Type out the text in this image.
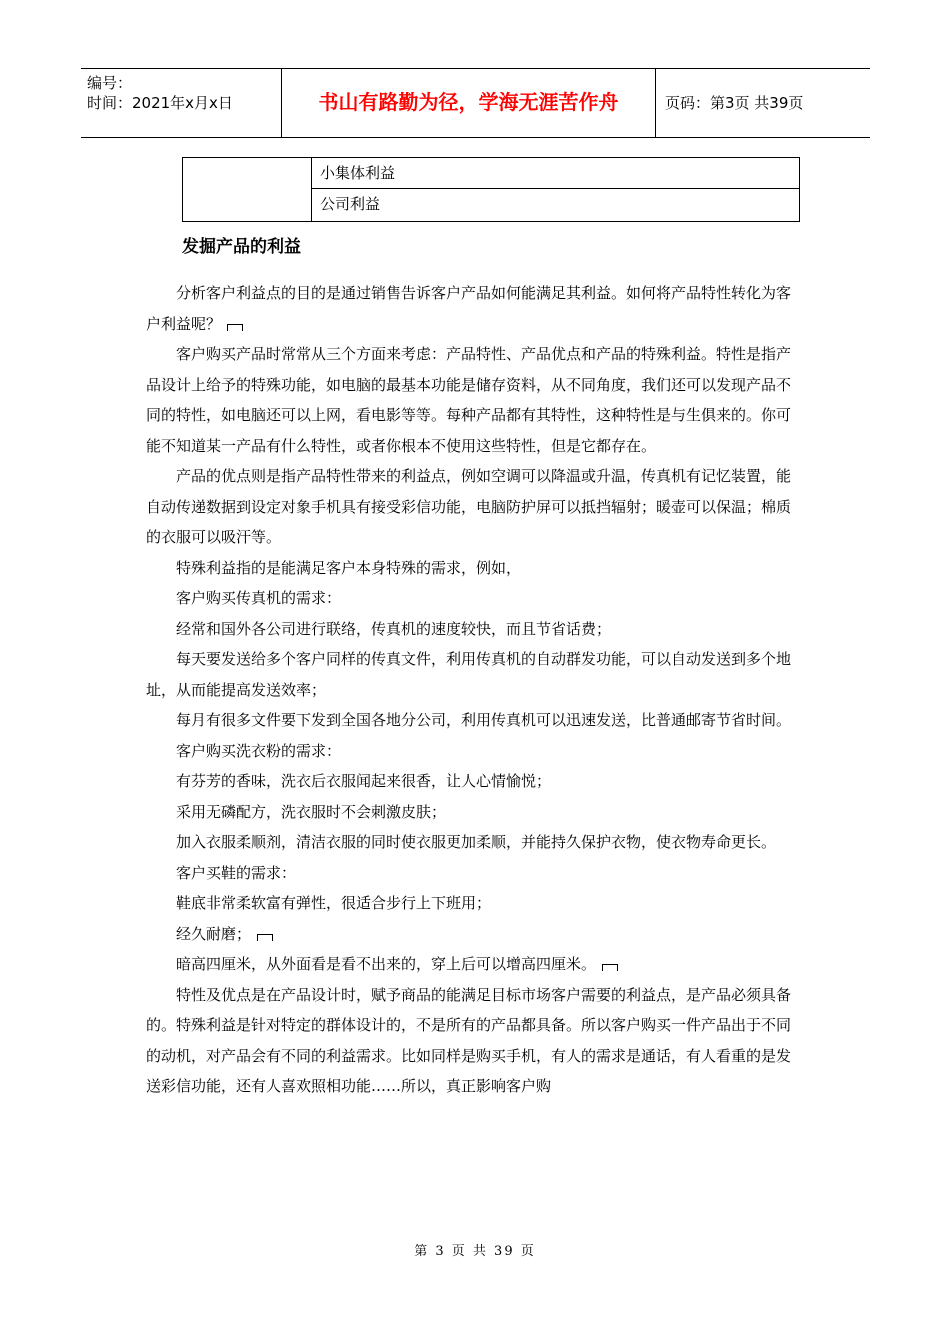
编号：
时间：2021年x月x日	书山有路勤为径，学海无涯苦作舟	页码：第3页 共39页
小集体利益
公司利益
发掘产品的利益

分析客户利益点的目的是通过销售告诉客户产品如何能满足其利益。如何将产品特性转化为客户利益呢？

客户购买产品时常常从三个方面来考虑：产品特性、产品优点和产品的特殊利益。特性是指产品设计上给予的特殊功能，如电脑的最基本功能是储存资料，从不同角度，我们还可以发现产品不同的特性，如电脑还可以上网，看电影等等。每种产品都有其特性，这种特性是与生俱来的。你可能不知道某一产品有什么特性，或者你根本不使用这些特性，但是它都存在。

产品的优点则是指产品特性带来的利益点，例如空调可以降温或升温，传真机有记忆装置，能自动传递数据到设定对象手机具有接受彩信功能，电脑防护屏可以抵挡辐射；暖壶可以保温；棉质的衣服可以吸汗等。

特殊利益指的是能满足客户本身特殊的需求，例如，

客户购买传真机的需求：

经常和国外各公司进行联络，传真机的速度较快，而且节省话费；

每天要发送给多个客户同样的传真文件，利用传真机的自动群发功能，可以自动发送到多个地址，从而能提高发送效率；

每月有很多文件要下发到全国各地分公司，利用传真机可以迅速发送，比普通邮寄节省时间。

客户购买洗衣粉的需求：

有芬芳的香味，洗衣后衣服闻起来很香，让人心情愉悦；

采用无磷配方，洗衣服时不会刺激皮肤；

加入衣服柔顺剂，清洁衣服的同时使衣服更加柔顺，并能持久保护衣物，使衣物寿命更长。

客户买鞋的需求：

鞋底非常柔软富有弹性，很适合步行上下班用；

经久耐磨；

暗高四厘米，从外面看是看不出来的，穿上后可以增高四厘米。

特性及优点是在产品设计时，赋予商品的能满足目标市场客户需要的利益点，是产品必须具备的。特殊利益是针对特定的群体设计的，不是所有的产品都具备。所以客户购买一件产品出于不同的动机，对产品会有不同的利益需求。比如同样是购买手机，有人的需求是通话，有人看重的是发送彩信功能，还有人喜欢照相功能……所以，真正影响客户购

第 3 页 共 39 页
